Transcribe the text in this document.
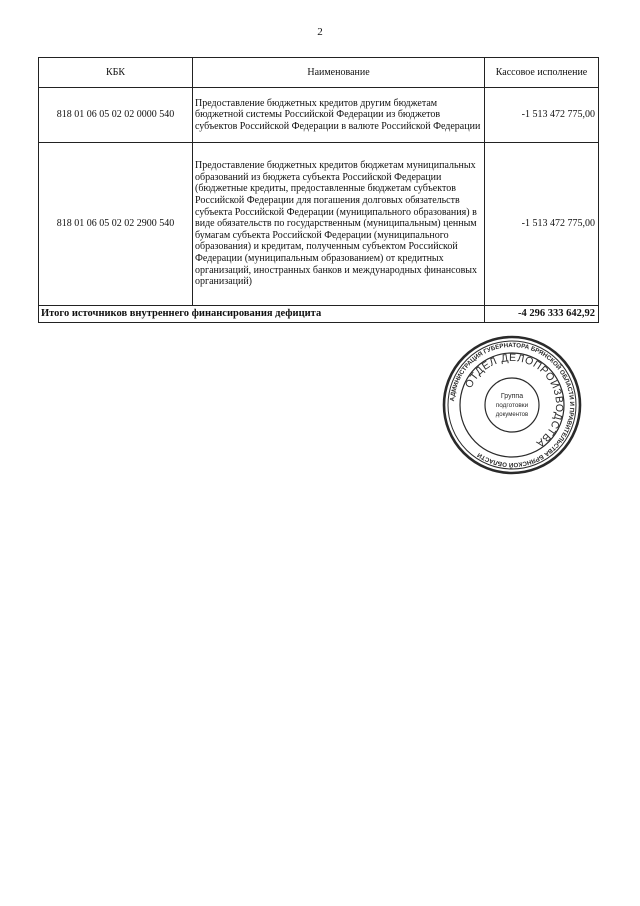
2
КБК	Наименование	Кассовое исполнение
818 01 06 05 02 02 0000 540	Предоставление бюджетных кредитов другим бюджетам бюджетной системы Российской Федерации из бюджетов субъектов Российской Федерации в валюте Российской Федерации	-1 513 472 775,00
818 01 06 05 02 02 2900 540	Предоставление бюджетных кредитов бюджетам муниципальных образований из бюджета субъекта Российской Федерации (бюджетные кредиты, предоставленные бюджетам субъектов Российской Федерации для погашения долговых обязательств субъекта Российской Федерации (муниципального образования) в виде обязательств по государственным (муниципальным) ценным бумагам субъекта Российской Федерации (муниципального образования) и кредитам, полученным субъектом Российской Федерации (муниципальным образованием) от кредитных организаций, иностранных банков и международных финансовых организаций)	-1 513 472 775,00
Итого источников внутреннего финансирования дефицита		-4 296 333 642,92
АДМИНИСТРАЦИЯ ГУБЕРНАТОРА БРЯНСКОЙ ОБЛАСТИ И ПРАВИТЕЛЬСТВА БРЯНСКОЙ ОБЛАСТИ
ОТДЕЛ ДЕЛОПРОИЗВОДСТВА
Группа
подготовки
документов
